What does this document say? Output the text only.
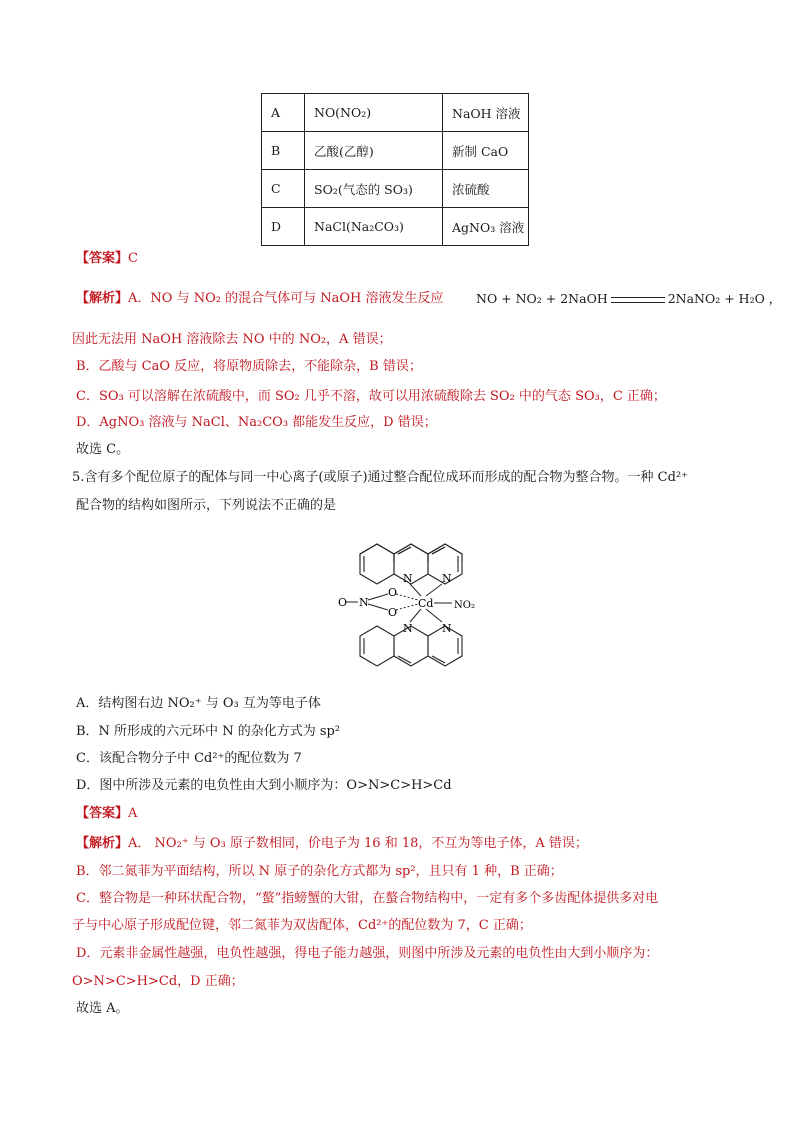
A	NO(NO₂)	NaOH 溶液
B	乙酸(乙醇)	新制 CaO
C	SO₂(气态的 SO₃)	浓硫酸
D	NaCl(Na₂CO₃)	AgNO₃ 溶液
【答案】C
【解析】A．NO 与 NO₂ 的混合气体可与 NaOH 溶液发生反应	NO + NO₂ + 2NaOH	2NaNO₂ + H₂O ，
因此无法用 NaOH 溶液除去 NO 中的 NO₂，A 错误；
B．乙酸与 CaO 反应，将原物质除去，不能除杂，B 错误；
C．SO₃ 可以溶解在浓硫酸中，而 SO₂ 几乎不溶，故可以用浓硫酸除去 SO₂ 中的气态 SO₃，C 正确；
D．AgNO₃ 溶液与 NaCl、Na₂CO₃ 都能发生反应，D 错误；
故选 C。
5.含有多个配位原子的配体与同一中心离子(或原子)通过整合配位成环而形成的配合物为整合物。一种 Cd²⁺
配合物的结构如图所示，下列说法不正确的是
N	N
O N
O
O
Cd NO₂
N	N
A．结构图右边 NO₂⁺ 与 O₃ 互为等电子体
B．N 所形成的六元环中 N 的杂化方式为 sp²
C．该配合物分子中 Cd²⁺的配位数为 7
D．图中所涉及元素的电负性由大到小顺序为：O>N>C>H>Cd
【答案】A
【解析】A． NO₂⁺ 与 O₃ 原子数相同，价电子为 16 和 18，不互为等电子体，A 错误；
B．邻二氮菲为平面结构，所以 N 原子的杂化方式都为 sp²，且只有 1 种，B 正确；
C．整合物是一种环状配合物，“螯”指螃蟹的大钳，在螯合物结构中，一定有多个多齿配体提供多对电
子与中心原子形成配位键，邻二氮菲为双齿配体，Cd²⁺的配位数为 7，C 正确；
D．元素非金属性越强，电负性越强，得电子能力越强，则图中所涉及元素的电负性由大到小顺序为：
O>N>C>H>Cd，D 正确；
故选 A。
